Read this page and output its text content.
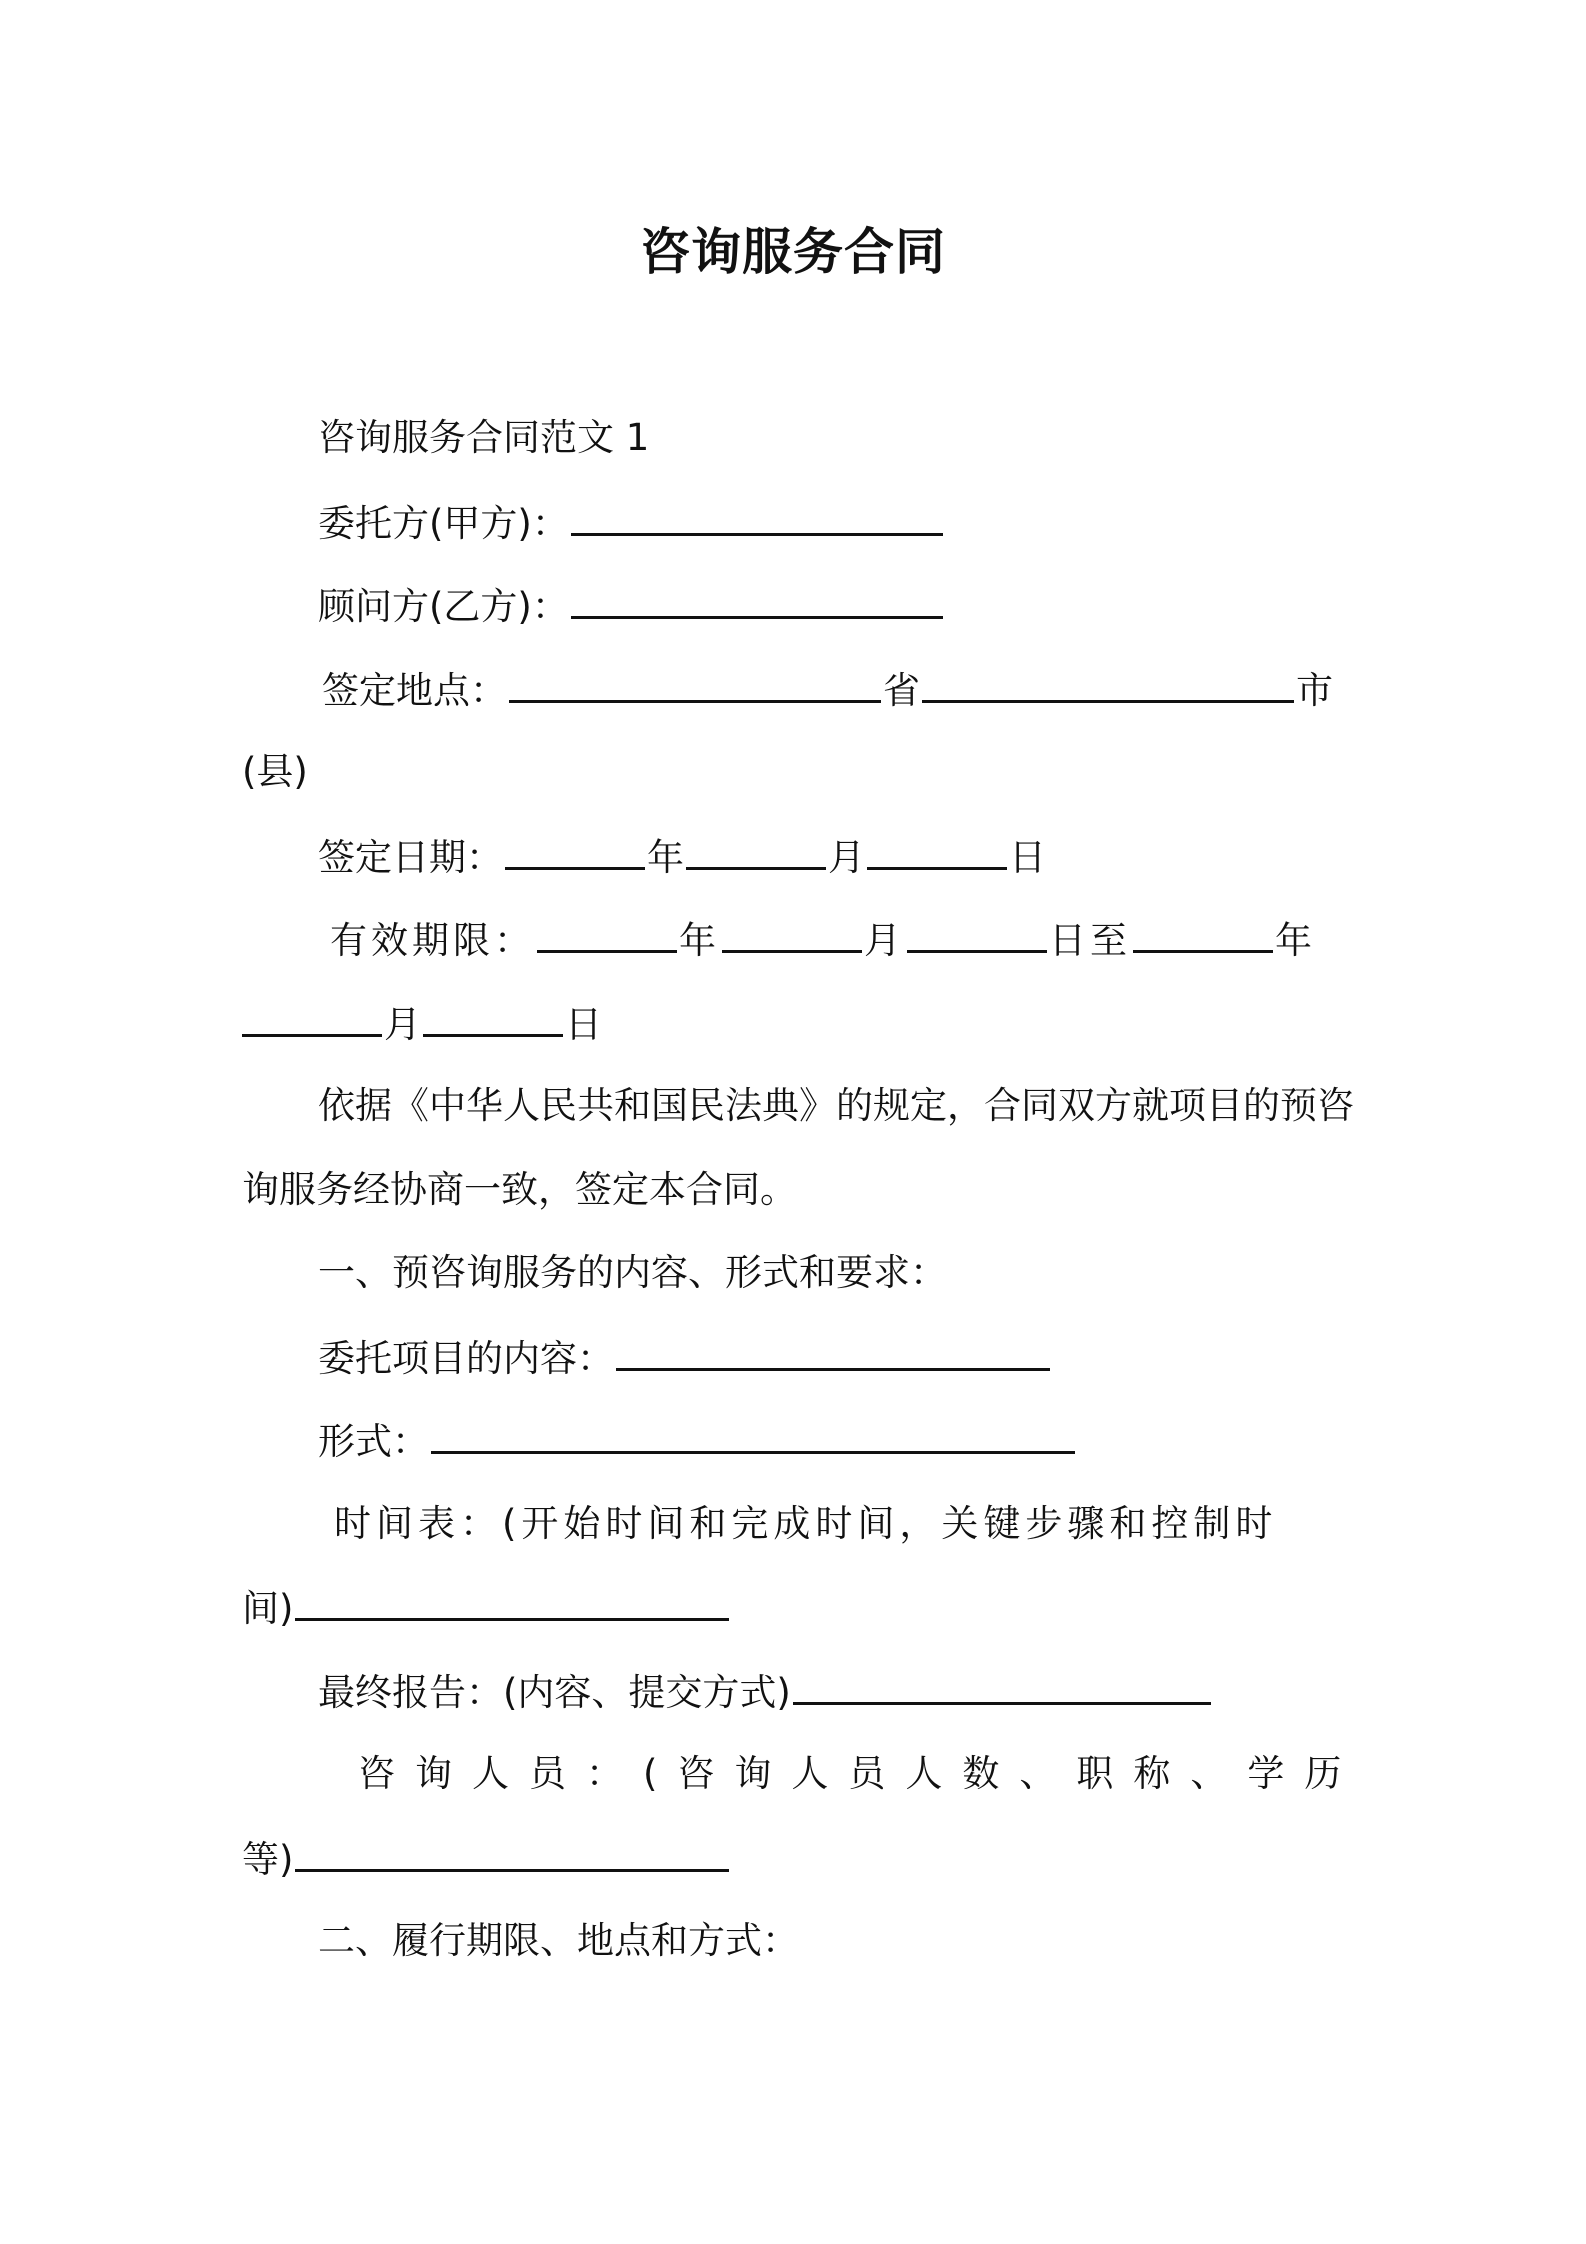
咨询服务合同
咨询服务合同范文 1
委托方(甲方)：
顾问方(乙方)：
签定地点：	省	市
(县)
签定日期：	年	月	日
有效期限：	年	月	日至	年
月	日
依据《中华人民共和国民法典》的规定，合同双方就项目的预咨
询服务经协商一致，签定本合同。
一、预咨询服务的内容、形式和要求：
委托项目的内容：
形式：
时间表：(开始时间和完成时间，关键步骤和控制时
间)
最终报告：(内容、提交方式)
咨询人员：(咨询人员人数、职称、学历
等)
二、履行期限、地点和方式：
